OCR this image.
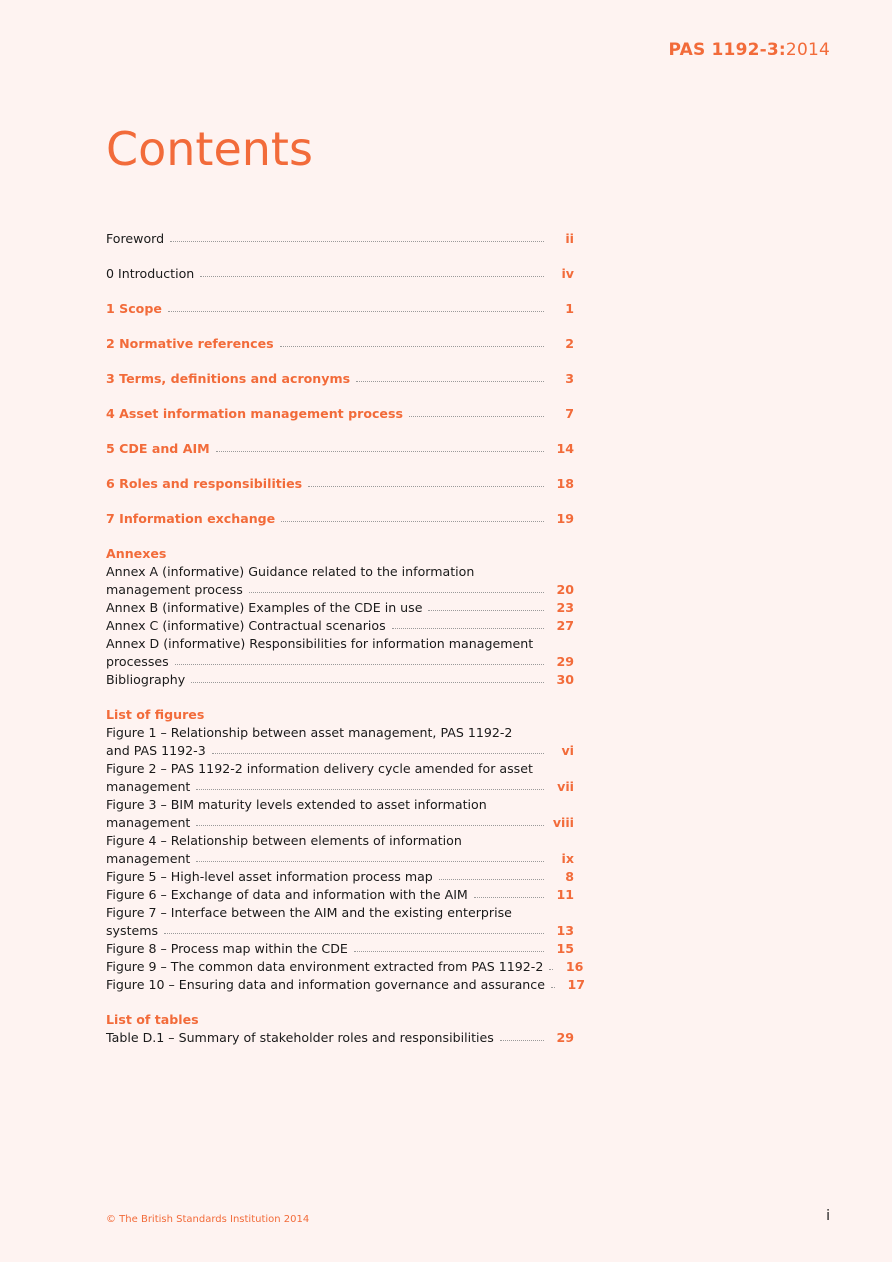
PAS 1192-3:2014
Contents
Foreword	ii
0 Introduction	iv
1 Scope	1
2 Normative references	2
3 Terms, definitions and acronyms	3
4 Asset information management process	7
5 CDE and AIM	14
6 Roles and responsibilities	18
7 Information exchange	19
Annexes
Annex A (informative) Guidance related to the information
management process	20
Annex B (informative) Examples of the CDE in use	23
Annex C (informative) Contractual scenarios	27
Annex D (informative) Responsibilities for information management
processes	29
Bibliography	30
List of figures
Figure 1 – Relationship between asset management, PAS 1192-2
and PAS 1192-3	vi
Figure 2 – PAS 1192-2 information delivery cycle amended for asset
management	vii
Figure 3 – BIM maturity levels extended to asset information
management	viii
Figure 4 – Relationship between elements of information
management	ix
Figure 5 – High-level asset information process map	8
Figure 6 – Exchange of data and information with the AIM	11
Figure 7 – Interface between the AIM and the existing enterprise
systems	13
Figure 8 – Process map within the CDE	15
Figure 9 – The common data environment extracted from PAS 1192-2	16
Figure 10 – Ensuring data and information governance and assurance	17
List of tables
Table D.1 – Summary of stakeholder roles and responsibilities	29
© The British Standards Institution 2014	i
